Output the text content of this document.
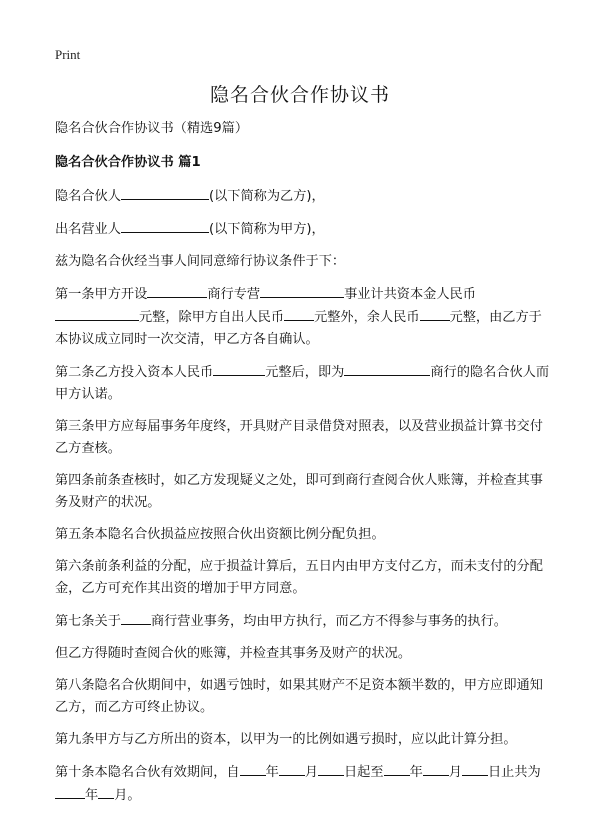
Print
隐名合伙合作协议书

隐名合伙合作协议书（精选9篇）

隐名合伙合作协议书 篇1

隐名合伙人	(以下简称为乙方)，

出名营业人	(以下简称为甲方)，

兹为隐名合伙经当事人间同意缔行协议条件于下：

第一条甲方开设	商行专营	事业计共资本金人民币元整，除甲方自出人民币 元整外，余人民币 元整，由乙方于本协议成立同时一次交清，甲乙方各自确认。

第二条乙方投入资本人民币	元整后，即为	商行的隐名合伙人而甲方认诺。

第三条甲方应每届事务年度终，开具财产目录借贷对照表，以及营业损益计算书交付乙方查核。

第四条前条查核时，如乙方发现疑义之处，即可到商行查阅合伙人账簿，并检查其事务及财产的状况。

第五条本隐名合伙损益应按照合伙出资额比例分配负担。

第六条前条利益的分配，应于损益计算后，五日内由甲方支付乙方，而未支付的分配金，乙方可充作其出资的增加于甲方同意。

第七条关于 商行营业事务，均由甲方执行，而乙方不得参与事务的执行。

但乙方得随时查阅合伙的账簿，并检查其事务及财产的状况。

第八条隐名合伙期间中，如遇亏蚀时，如果其财产不足资本额半数的，甲方应即通知乙方，而乙方可终止协议。

第九条甲方与乙方所出的资本，以甲为一的比例如遇亏损时，应以此计算分担。

第十条本隐名合伙有效期间，自 年 月 日起至 年 月 日止共为年 月。
